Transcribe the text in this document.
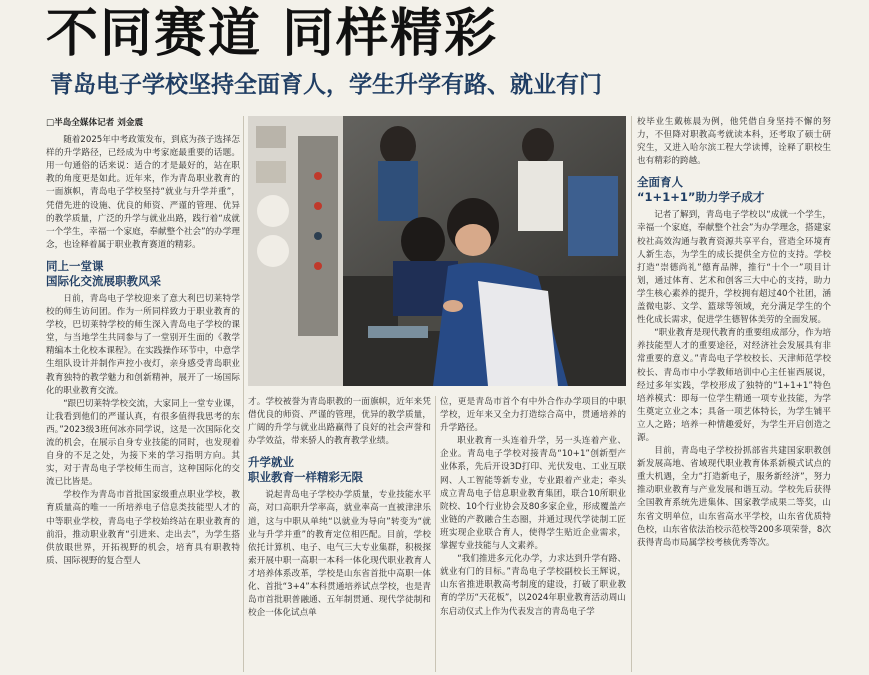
不同赛道 同样精彩
青岛电子学校坚持全面育人，学生升学有路、就业有门

□半岛全媒体记者 刘金震

随着2025年中考政策发布，到底为孩子选择怎样的升学路径，已经成为中考家庭最重要的话题。用一句通俗的话来说：适合的才是最好的，站在职教的角度更是如此。近年来，作为青岛职业教育的一面旗帜，青岛电子学校坚持“就业与升学并重”，凭借先进的设施、优良的师资、严谨的管理、优异的教学质量，广泛的升学与就业出路，践行着“成就一个学生，幸福一个家庭，奉献整个社会”的办学理念，也诠释着属于职业教育赛道的精彩。

同上一堂课
国际化交流展职教风采

日前，青岛电子学校迎来了意大利巴切莱特学校的师生访问团。作为一所同样致力于职业教育的学校，巴切莱特学校的师生深入青岛电子学校的课堂，与当地学生共同参与了一堂别开生面的《教学精编本土化校本课程》。在实践操作环节中，中意学生组队设计并制作声控小夜灯，亲身感受青岛职业教育独特的教学魅力和创新精神，展开了一场国际化的职业教育交流。

“跟巴切莱特学校交流，大家同上一堂专业课，让我看到他们的严谨认真，有很多值得我思考的东西。”2023级3班何冰亦同学说，这是一次国际化交流的机会，在展示自身专业技能的同时，也发现着自身的不足之处，为接下来的学习指明方向。其实，对于青岛电子学校师生而言，这种国际化的交流已比皆是。

学校作为青岛市首批国家级重点职业学校，教育质量高的唯一一所培养电子信息类技能型人才的中等职业学校，青岛电子学校始终站在职业教育的前沿，推动职业教育“引进来、走出去”，为学生搭供放眼世界，开拓视野的机会，培育具有职教特质、国际视野的复合型人

才。学校被誉为青岛职教的一面旗帜，近年来凭借优良的师资、严谨的管理，优异的教学质量，广阔的升学与就业出路赢得了良好的社会声誉和办学效益，带来骄人的教育教学业绩。

升学就业
职业教育一样精彩无限

说起青岛电子学校办学质量，专业技能水平高，对口高职升学率高，就业率高一直被津津乐道，这与中职从单纯“以就业为导向”转变为“就业与升学并重”的教育定位相匹配。目前，学校依托计算机、电子、电气三大专业集群，积极探索开展中职一高职一本科一体化现代职业教育人才培养体系改革，学校是山东省首批中高职一体化、首批“3+4”本科贯通培养试点学校，也是青岛市首批职普融通、五年制贯通、现代学徒制和校企一体化试点单

位，更是青岛市首个有中外合作办学项目的中职学校，近年来又全力打造综合高中，贯通培养的升学路径。

职业教育一头连着升学，另一头连着产业、企业。青岛电子学校对接青岛“10+1”创新型产业体系，先后开设3D打印、光伏发电、工业互联网、人工智能等新专业，专业跟着产业走；牵头成立青岛电子信息职业教育集团，联合10所职业院校、10个行业协会及80多家企业，形成覆盖产业链的产教融合生态圈，并通过现代学徒制工匠班实现企业联合育人，使得学生贴近企业需求，掌握专业技能与人文素养。

“我们推进多元化办学，力求达到升学有路、就业有门的目标。”青岛电子学校副校长王辉说，山东省推进职教高考制度的建设，打破了职业教育的学历“天花板”，以2024年职业教育活动周山东启动仪式上作为代表发言的青岛电子学

校毕业生戴栋晨为例，他凭借自身坚持不懈的努力，不但降对职教高考就读本科，还考取了硕士研究生，又进入哈尔滨工程大学读博，诠释了职校生也有精彩的跨越。

全面育人
“1+1+1”助力学子成才

记者了解到，青岛电子学校以“成就一个学生，幸福一个家庭，奉献整个社会”为办学理念，搭建家校社高效沟通与教育资源共享平台，营造全环境育人新生态，为学生的成长提供全方位的支持。学校打造“崇德尚礼”德育品牌，推行“十个一”项目计划，通过体育、艺术和创客三大中心的支持，助力学生核心素养的提升，学校拥有超过40个社团，涵盖微电影、文学、篮球等领域，充分满足学生的个性化成长需求，促进学生德智体美劳的全面发展。

“职业教育是现代教育的重要组成部分，作为培养技能型人才的重要途径，对经济社会发展具有非常重要的意义。”青岛电子学校校长、天津师范学校校长、青岛市中小学教师培训中心主任崔西展说，经过多年实践，学校形成了独特的“1+1+1”特色培养模式：即每一位学生精通一项专业技能，为学生奠定立业之本；具备一项艺体特长，为学生铺平立人之路；培养一种情趣爱好，为学生开启创造之源。

目前，青岛电子学校扮抓部省共建国家职教创新发展高地、省域现代职业教育体系新模式试点的重大机遇，全力“打造新电子，服务新经济”，努力推动职业教育与产业发展和谐互动。学校先后获得全国教育系统先进集体、国家教学成果二等奖，山东省文明单位，山东省高水平学校，山东省优质特色校，山东省依法治校示范校等200多项荣誉，8次获得青岛市局属学校考核优秀等次。
